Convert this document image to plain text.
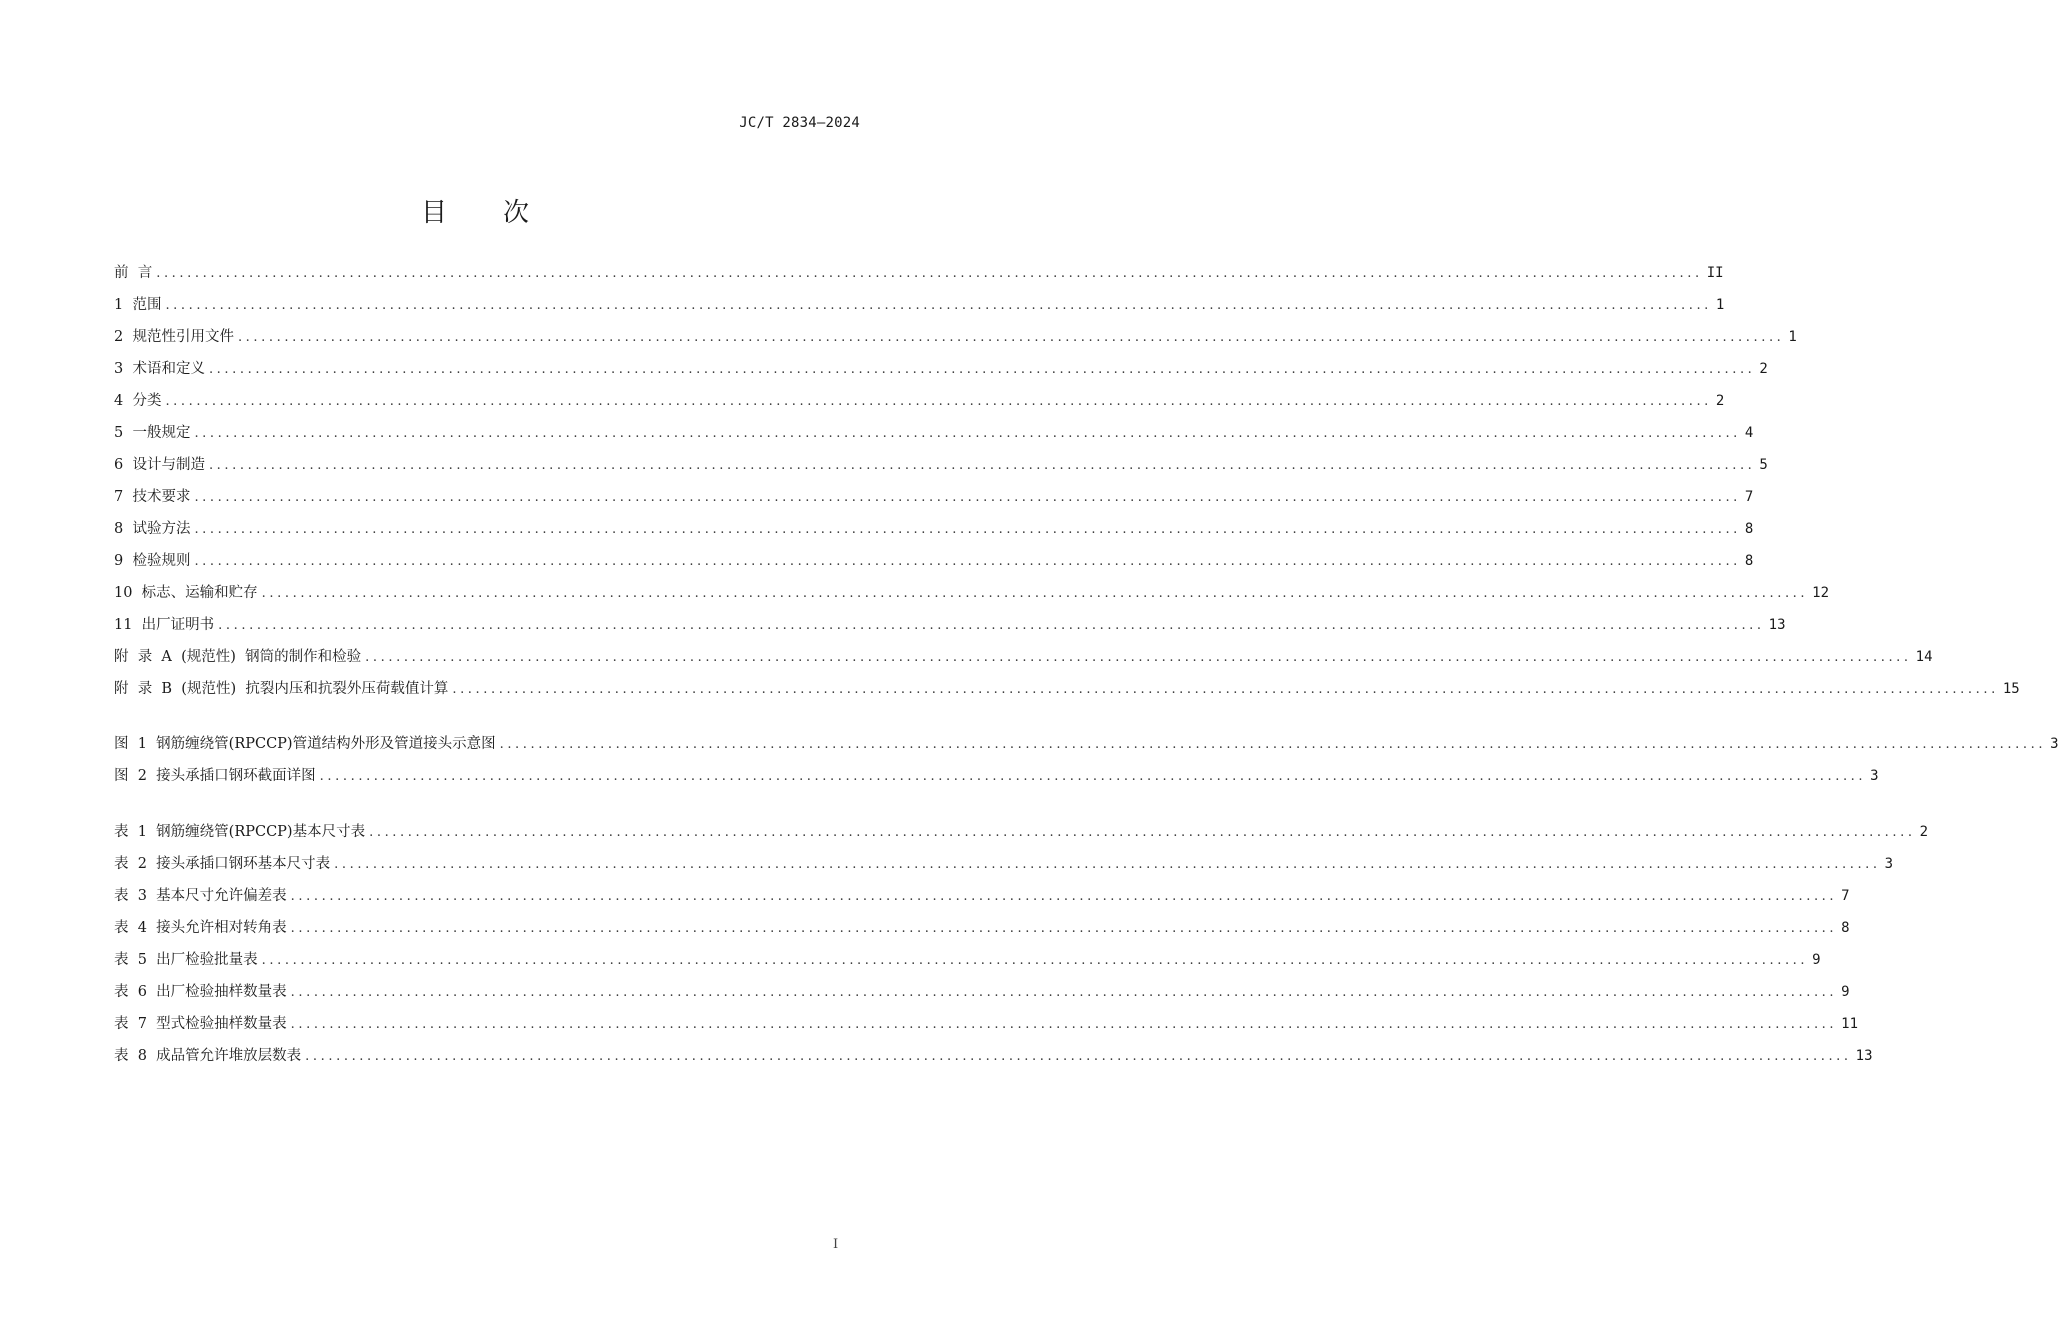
JC/T 2834—2024
目次
前  言 ........................................................................................................................................................................................................ II
1  范围 ........................................................................................................................................................................................................ 1
2  规范性引用文件 ........................................................................................................................................................................................................ 1
3  术语和定义 ........................................................................................................................................................................................................ 2
4  分类 ........................................................................................................................................................................................................ 2
5  一般规定 ........................................................................................................................................................................................................ 4
6  设计与制造 ........................................................................................................................................................................................................ 5
7  技术要求 ........................................................................................................................................................................................................ 7
8  试验方法 ........................................................................................................................................................................................................ 8
9  检验规则 ........................................................................................................................................................................................................ 8
10  标志、运输和贮存 ........................................................................................................................................................................................................ 12
11  出厂证明书 ........................................................................................................................................................................................................ 13
附  录  A  (规范性)  钢筒的制作和检验 ........................................................................................................................................................................................................ 14
附  录  B  (规范性)  抗裂内压和抗裂外压荷载值计算 ........................................................................................................................................................................................................ 15
图  1  钢筋缠绕管(RPCCP)管道结构外形及管道接头示意图 ........................................................................................................................................................................................................ 3
图  2  接头承插口钢环截面详图 ........................................................................................................................................................................................................ 3
表  1  钢筋缠绕管(RPCCP)基本尺寸表 ........................................................................................................................................................................................................ 2
表  2  接头承插口钢环基本尺寸表 ........................................................................................................................................................................................................ 3
表  3  基本尺寸允许偏差表 ........................................................................................................................................................................................................ 7
表  4  接头允许相对转角表 ........................................................................................................................................................................................................ 8
表  5  出厂检验批量表 ........................................................................................................................................................................................................ 9
表  6  出厂检验抽样数量表 ........................................................................................................................................................................................................ 9
表  7  型式检验抽样数量表 ........................................................................................................................................................................................................ 11
表  8  成品管允许堆放层数表 ........................................................................................................................................................................................................ 13
I
